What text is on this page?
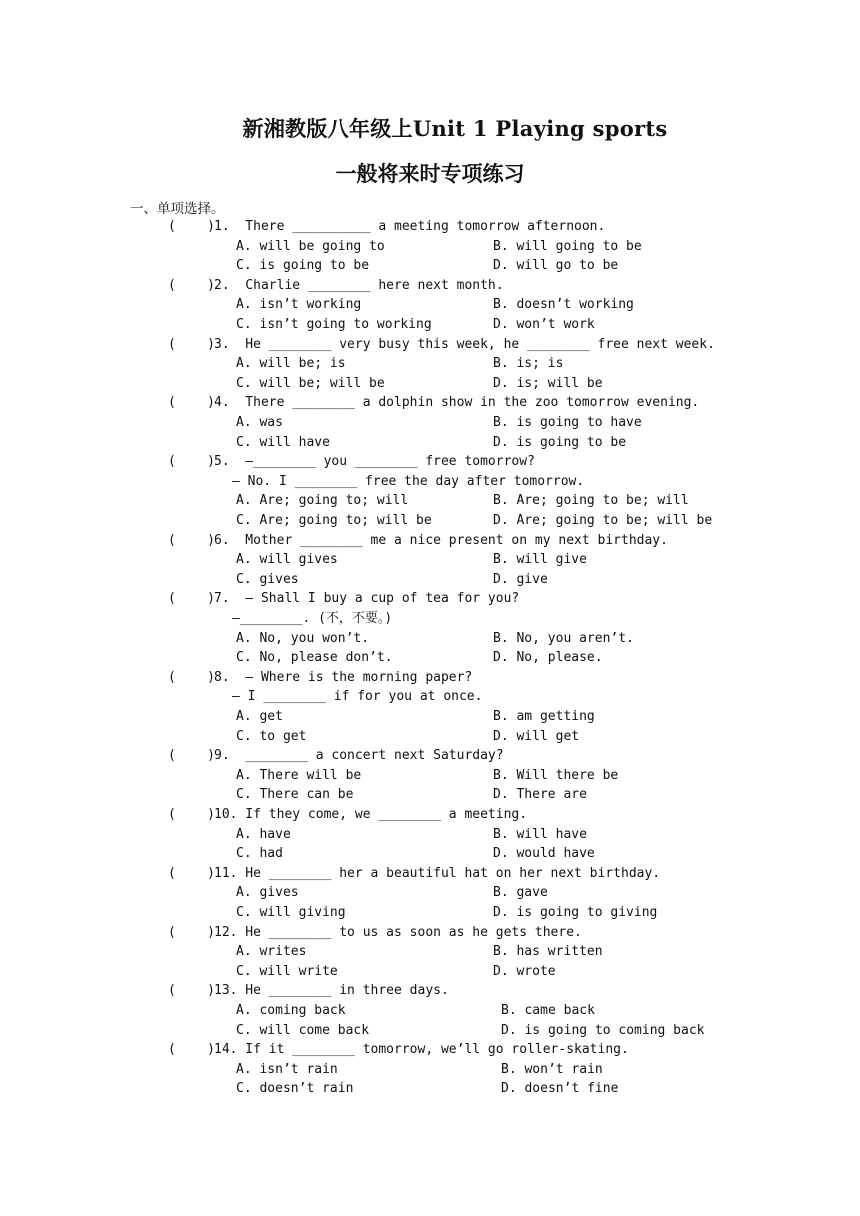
新湘教版八年级上Unit 1 Playing sports
一般将来时专项练习
一、单项选择。
(    ) 1.  There __________ a meeting tomorrow afternoon.
A. will be going to	B. will going to be
C. is going to be	D. will go to be
(    ) 2.  Charlie ________ here next month.
A. isn’t working	B. doesn’t working
C. isn’t going to working	D. won’t work
(    ) 3.  He ________ very busy this week, he ________ free next week.
A. will be; is	B. is; is
C. will be; will be	D. is; will be
(    ) 4.  There ________ a dolphin show in the zoo tomorrow evening.
A. was	B. is going to have
C. will have	D. is going to be
(    ) 5.  –________ you ________ free tomorrow?
– No. I ________ free the day after tomorrow.
A. Are; going to; will	B. Are; going to be; will
C. Are; going to; will be	D. Are; going to be; will be
(    ) 6.  Mother ________ me a nice present on my next birthday.
A. will gives	B. will give
C. gives	D. give
(    ) 7.  – Shall I buy a cup of tea for you?
–________. (不，不要。)
A. No, you won’t.	B. No, you aren’t.
C. No, please don’t.	D. No, please.
(    ) 8.  – Where is the morning paper?
– I ________ if for you at once.
A. get	B. am getting
C. to get	D. will get
(    ) 9.  ________ a concert next Saturday?
A. There will be	B. Will there be
C. There can be	D. There are
(    ) 10. If they come, we ________ a meeting.
A. have	B. will have
C. had	D. would have
(    ) 11. He ________ her a beautiful hat on her next birthday.
A. gives	B. gave
C. will giving	D. is going to giving
(    ) 12. He ________ to us as soon as he gets there.
A. writes	B. has written
C. will write	D. wrote
(    ) 13. He ________ in three days.
A. coming back	B. came back
C. will come back	D. is going to coming back
(    ) 14. If it ________ tomorrow, we’ll go roller-skating.
A. isn’t rain	B. won’t rain
C. doesn’t rain	D. doesn’t fine
